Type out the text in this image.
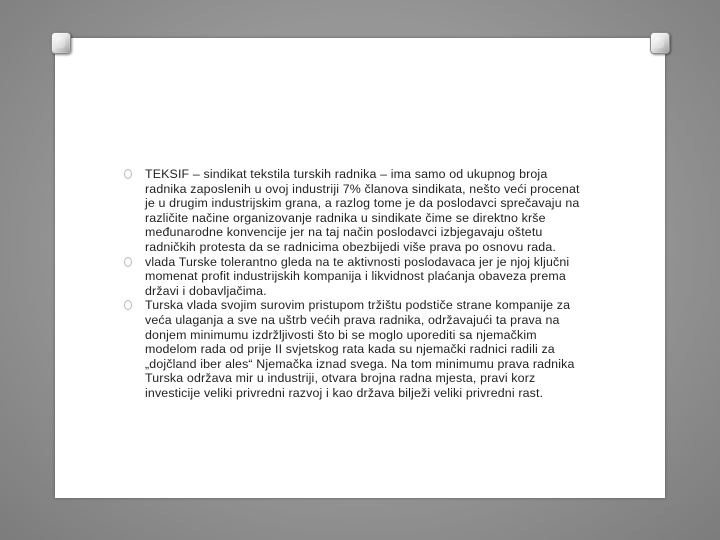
TEKSIF – sindikat tekstila turskih radnika – ima samo od ukupnog broja radnika zaposlenih u ovoj industriji 7% članova sindikata, nešto veći procenat je u drugim industrijskim grana, a razlog tome je da poslodavci sprečavaju na različite načine organizovanje radnika u sindikate čime se direktno krše međunarodne konvencije jer na taj način poslodavci izbjegavaju oštetu radničkih protesta da se radnicima obezbijedi više prava po osnovu rada.
vlada Turske tolerantno gleda na te aktivnosti poslodavaca jer je njoj ključni momenat profit industrijskih kompanija i likvidnost plaćanja obaveza prema državi i dobavljačima.
Turska vlada svojim surovim pristupom tržištu podstiče strane kompanije za veća ulaganja a sve na uštrb većih prava radnika, održavajući ta prava na donjem minimumu izdržljivosti što bi se moglo uporediti sa njemačkim modelom rada od prije II svjetskog rata kada su njemački radnici radili za „dojčland iber ales“ Njemačka iznad svega. Na tom minimumu prava radnika Turska održava mir u industriji, otvara brojna radna mjesta, pravi korz investicije veliki privredni razvoj i kao država bilježi veliki privredni rast.
